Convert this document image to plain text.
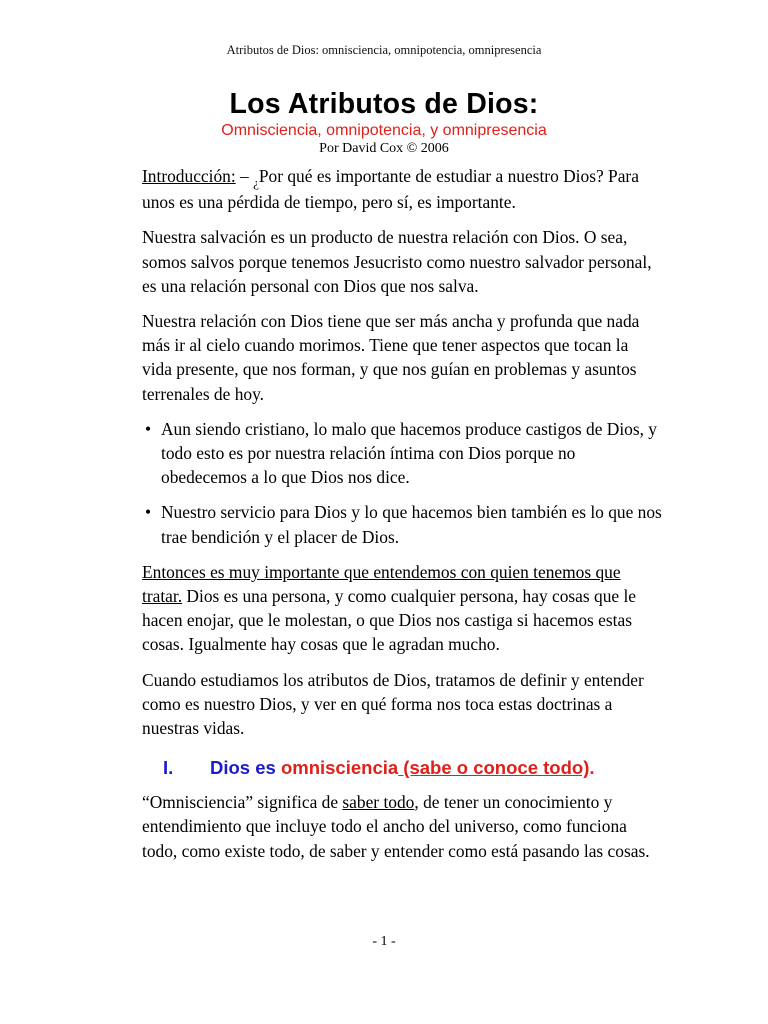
Atributos de Dios: omnisciencia, omnipotencia, omnipresencia
Los Atributos de Dios:
Omnisciencia, omnipotencia, y omnipresencia
Por David Cox © 2006

Introducción: – $_¿$Por qué es importante de estudiar a nuestro Dios? Para unos es una pérdida de tiempo, pero sí, es importante.

Nuestra salvación es un producto de nuestra relación con Dios. O sea, somos salvos porque tenemos Jesucristo como nuestro salvador personal, es una relación personal con Dios que nos salva.

Nuestra relación con Dios tiene que ser más ancha y profunda que nada más ir al cielo cuando morimos. Tiene que tener aspectos que tocan la vida presente, que nos forman, y que nos guían en problemas y asuntos terrenales de hoy.

• Aun siendo cristiano, lo malo que hacemos produce castigos de Dios, y todo esto es por nuestra relación íntima con Dios porque no obedecemos a lo que Dios nos dice.
• Nuestro servicio para Dios y lo que hacemos bien también es lo que nos trae bendición y el placer de Dios.

Entonces es muy importante que entendemos con quien tenemos que tratar. Dios es una persona, y como cualquier persona, hay cosas que le hacen enojar, que le molestan, o que Dios nos castiga si hacemos estas cosas. Igualmente hay cosas que le agradan mucho.

Cuando estudiamos los atributos de Dios, tratamos de definir y entender como es nuestro Dios, y ver en qué forma nos toca estas doctrinas a nuestras vidas.

I. Dios es omnisciencia (sabe o conoce todo).

“Omnisciencia” significa de saber todo, de tener un conocimiento y entendimiento que incluye todo el ancho del universo, como funciona todo, como existe todo, de saber y entender como está pasando las cosas.

- 1 -
